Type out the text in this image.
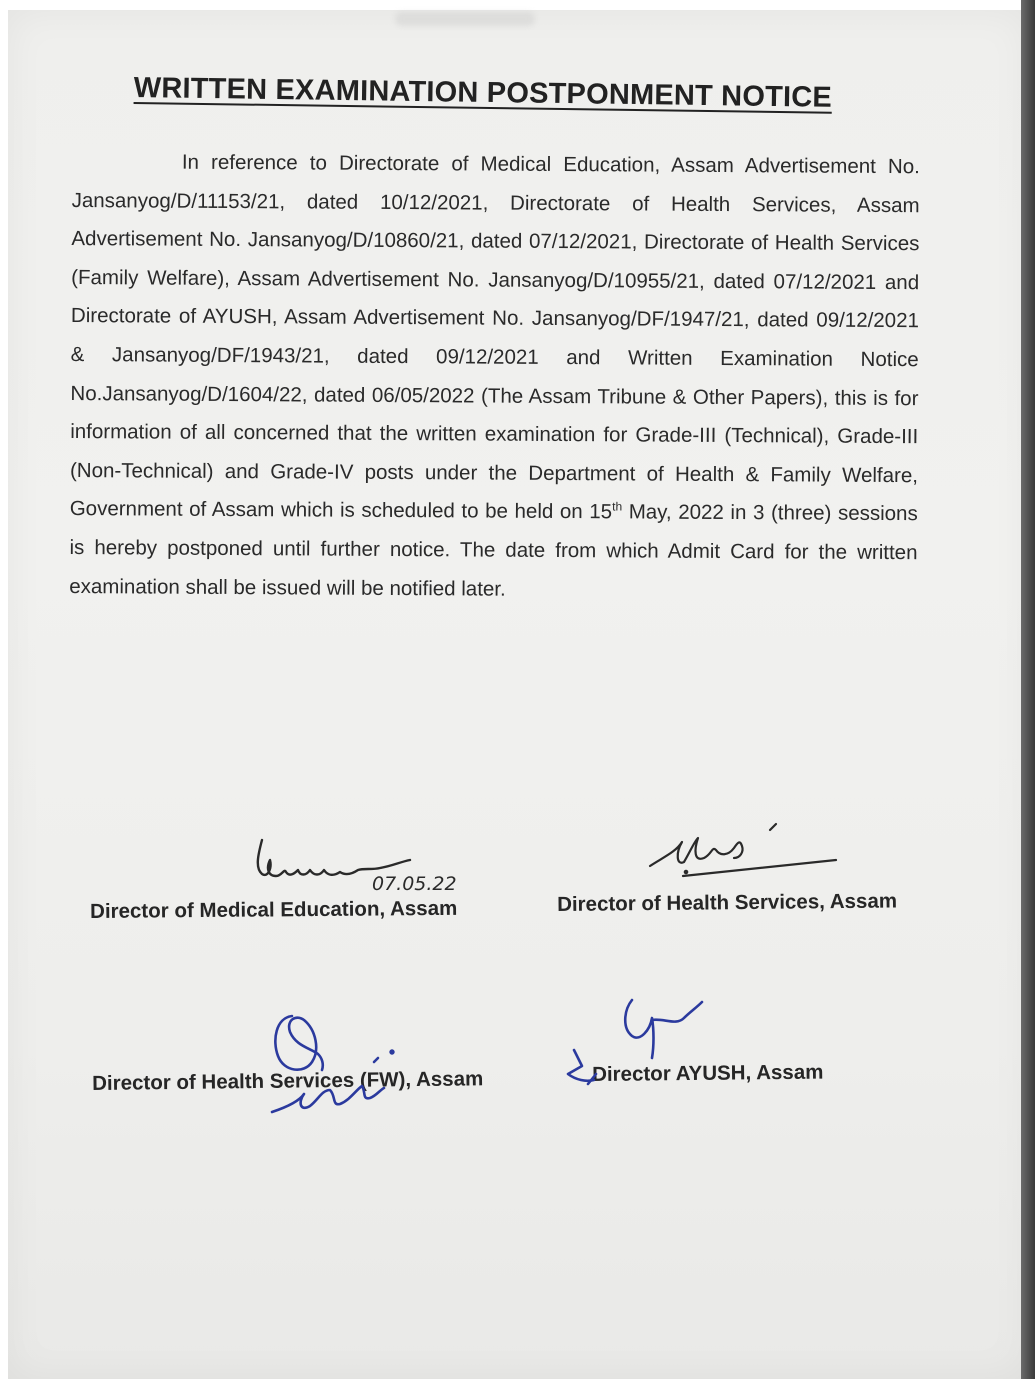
WRITTEN EXAMINATION POSTPONMENT NOTICE

In reference to Directorate of Medical Education, Assam Advertisement No. Jansanyog/D/11153/21, dated 10/12/2021, Directorate of Health Services, Assam Advertisement No. Jansanyog/D/10860/21, dated 07/12/2021, Directorate of Health Services (Family Welfare), Assam Advertisement No. Jansanyog/D/10955/21, dated 07/12/2021 and Directorate of AYUSH, Assam Advertisement No. Jansanyog/DF/1947/21, dated 09/12/2021 & Jansanyog/DF/1943/21, dated 09/12/2021 and Written Examination Notice No.Jansanyog/D/1604/22, dated 06/05/2022 (The Assam Tribune & Other Papers), this is for information of all concerned that the written examination for Grade-III (Technical), Grade-III (Non-Technical) and Grade-IV posts under the Department of Health & Family Welfare, Government of Assam which is scheduled to be held on 15th May, 2022 in 3 (three) sessions is hereby postponed until further notice. The date from which Admit Card for the written examination shall be issued will be notified later.

Director of Medical Education, Assam	Director of Health Services, Assam
Director of Health Services (FW), Assam	Director AYUSH, Assam
07.05.22
